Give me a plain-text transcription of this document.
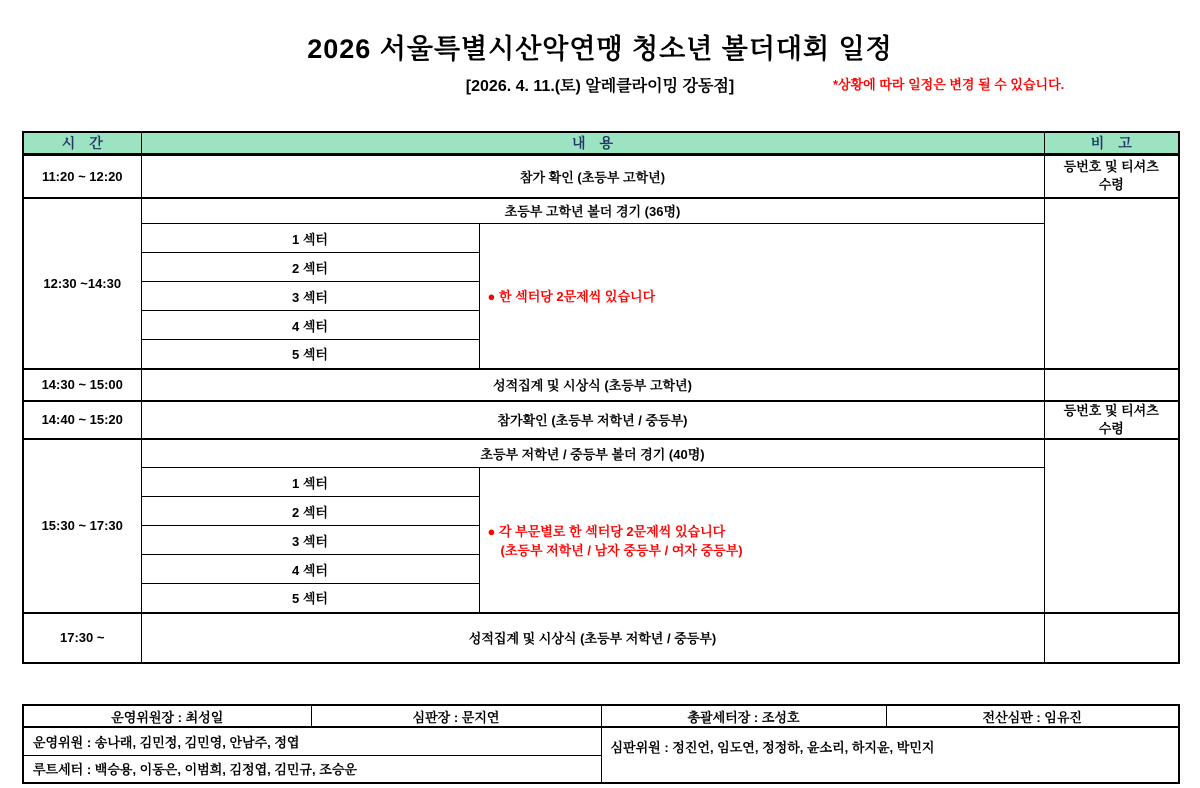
2026 서울특별시산악연맹 청소년 볼더대회 일정
[2026. 4. 11.(토) 알레클라이밍 강동점]	*상황에 따라 일정은 변경 될 수 있습니다.
시　간	내　용		비　고
11:20 ~ 12:20	참가 확인 (초등부 고학년)		등번호 및 티셔츠 수령
12:30 ~14:30	초등부 고학년 볼더 경기 (36명)		
	1 섹터	● 한 섹터당 2문제씩 있습니다	
	2 섹터		
	3 섹터		
	4 섹터		
	5 섹터		
14:30 ~ 15:00	성적집계 및 시상식 (초등부 고학년)		
14:40 ~ 15:20	참가확인 (초등부 저학년 / 중등부)		등번호 및 티셔츠 수령
15:30 ~ 17:30	초등부 저학년 / 중등부 볼더 경기 (40명)		
	1 섹터	● 각 부문별로 한 섹터당 2문제씩 있습니다
(초등부 저학년 / 남자 중등부 / 여자 중등부)	

	2 섹터		
	3 섹터		
	4 섹터		
	5 섹터		
17:30 ~	성적집계 및 시상식 (초등부 저학년 / 중등부)		
운영위원장 : 최성일	심판장 : 문지연	총괄세터장 : 조성호	전산심판 : 임유진
운영위원 : 송나래, 김민정, 김민영, 안남주, 정엽		심판위원 : 정진언, 임도연, 정정하, 윤소리, 하지윤, 박민지	
루트세터 : 백승용, 이동은, 이범희, 김정엽, 김민규, 조승운			
